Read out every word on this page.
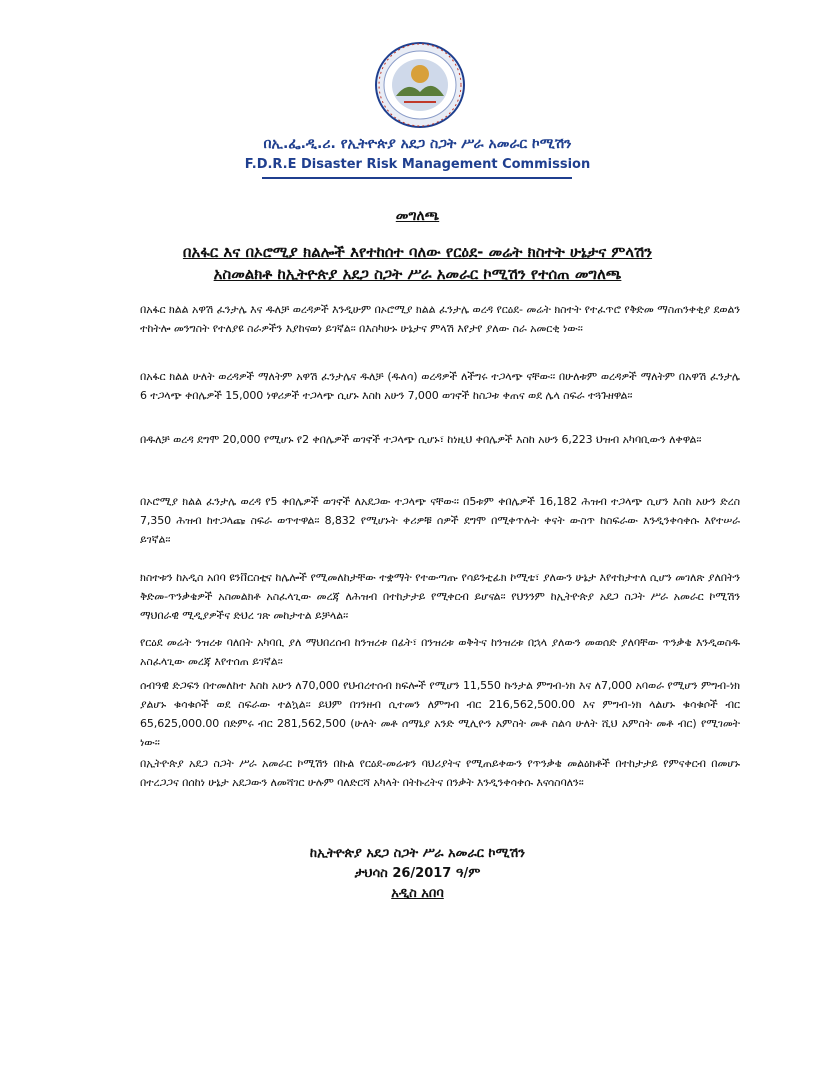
በኢ.ፌ.ዲ.ሪ. የኢትዮጵያ አደጋ ስጋት ሥራ አመራር ኮሚሽን
F.D.R.E Disaster Risk Management Commission
መግለጫ
በአፋር እና በኦሮሚያ ክልሎች እየተከሰተ ባለው የርዕደ- መሬት ክስተት ሁኔታና ምላሽን
አስመልክቶ ከኢትዮጵያ አደጋ ስጋት ሥራ አመራር ኮሚሽን የተሰጠ መግለጫ

በአፋር ክልል አዋሽ ፈንታሌ እና ዱለቻ ወረዳዎች እንዲሁም በኦሮሚያ ክልል ፈንታሌ ወረዳ የርዕደ- መሬት ክስተት የተፈጥሮ የቅድመ ማስጠንቀቂያ ደወልን ተከትሎ መንግስት የተለያዩ ስራዎችን እያከናወነ ይገኛል፡፡ በእስካሁኑ ሁኔታና ምላሽ እየታየ ያለው ስራ አመርቂ ነው፡፡

በአፋር ክልል ሁለት ወረዳዎች ማለትም አዋሽ ፈንታሌና ዱለቻ (ዱለሳ) ወረዳዎች ለችግሩ ተጋላጭ ናቸው፡፡ በሁለቱም ወረዳዎች ማለትም በአዋሽ ፈንታሌ 6 ተጋላጭ ቀበሌዎች 15,000 ነዋሪዎች ተጋላጭ ሲሆኑ እስከ አሁን 7,000 ወገኖች ከስጋቱ ቀጠና ወደ ሌላ ስፍራ ተጓጉዘዋል፡፡

በዱለቻ ወረዳ ደግሞ 20,000 የሚሆኑ የ2 ቀበሌዎች ወገኖች ተጋላጭ ሲሆኑ፣ ከነዚህ ቀበሌዎች እስከ አሁን 6,223 ህዝብ አካባቢውን ለቀዋል፡፡

በኦሮሚያ ክልል ፈንታሌ ወረዳ የ5 ቀበሌዎች ወገኖች ለአደጋው ተጋላጭ ናቸው፡፡ በ5ቱም ቀበሌዎች 16,182 ሕዝብ ተጋላጭ ሲሆን እስከ አሁን ድረስ 7,350 ሕዝብ ከተጋላጩ ስፍራ ወጥተዋል፡፡ 8,832 የሚሆኑት ቀሪዎቹ ሰዎች ደግሞ በሚቀጥሉት ቀናት ውስጥ ከስፍራው እንዲንቀሳቀሱ እየተሠራ ይገኛል፡፡

ክስተቱን ከአዲስ አበባ ዩንቨርስቲና ከሌሎች የሚመለከታቸው ተቋማት የተውጣጡ የሳይንቲፊክ ኮሚቴ፣ ያለውን ሁኔታ እየተከታተለ ሲሆን መገለጽ ያለበትን ቅድመ-ጥንቃቄዎች አስመልክቶ አስፈላጊው መረጃ ለሕዝብ በተከታታይ የሚቀርብ ይሆናል፡፡ የህንንም ከኢትዮጵያ አደጋ ስጋት ሥራ አመራር ኮሚሽን ማህበራዊ ሚዲያዎችና ድህረ ገጽ መከታተል ይቻላል፡፡

የርዕደ መሬት ንዝረቱ ባለበት አካባቢ ያለ ማህበረሰብ ከንዝረቱ በፊት፣ በንዝረቱ ወቅትና ከንዝረቱ በኋላ ያለውን መወሰድ ያለባቸው ጥንቃቄ እንዲወስዱ አስፈላጊው መረጃ እየተሰጠ ይገኛል፡፡

ሰብዓዊ ድጋፍን በተመለከተ እስከ አሁን ለ70,000 የህብረተሰብ ክፍሎች የሚሆን 11,550 ኩንታል ምግብ-ነክ እና ለ7,000 አባወራ የሚሆን ምግብ-ነክ ያልሆኑ ቁሳቁሶች ወደ ስፍራው ተልኳል፡፡ ይህም በገንዘብ ሲተመን ለምግብ ብር 216,562,500.00 እና ምግብ-ነክ ላልሆኑ ቁሳቁሶች ብር 65,625,000.00 በድምሩ ብር 281,562,500 (ሁለት መቶ ሰማኒያ አንድ ሚሊዮን አምስት መቶ ስልሳ ሁለት ሺህ አምስት መቶ ብር) የሚገመት ነው፡፡

በኢትዮጵያ አደጋ ስጋት ሥራ አመራር ኮሚሽን በኩል የርዕደ-መሬቱን ባህሪያትና የሚጠይቀውን የጥንቃቄ መልዕክቶች በተከታታይ የምናቀርብ በመሆኑ በተረጋጋና በሰከነ ሁኔታ አደጋውን ለመሻገር ሁሉም ባለድርሻ አካላት በትኩረትና በንቃት እንዲንቀሳቀሱ እናሳስባለን፡፡

ከኢትዮጵያ አደጋ ስጋት ሥራ አመራር ኮሚሽን
ታህሳስ 26/2017 ዓ/ም
አዲስ አበባ
